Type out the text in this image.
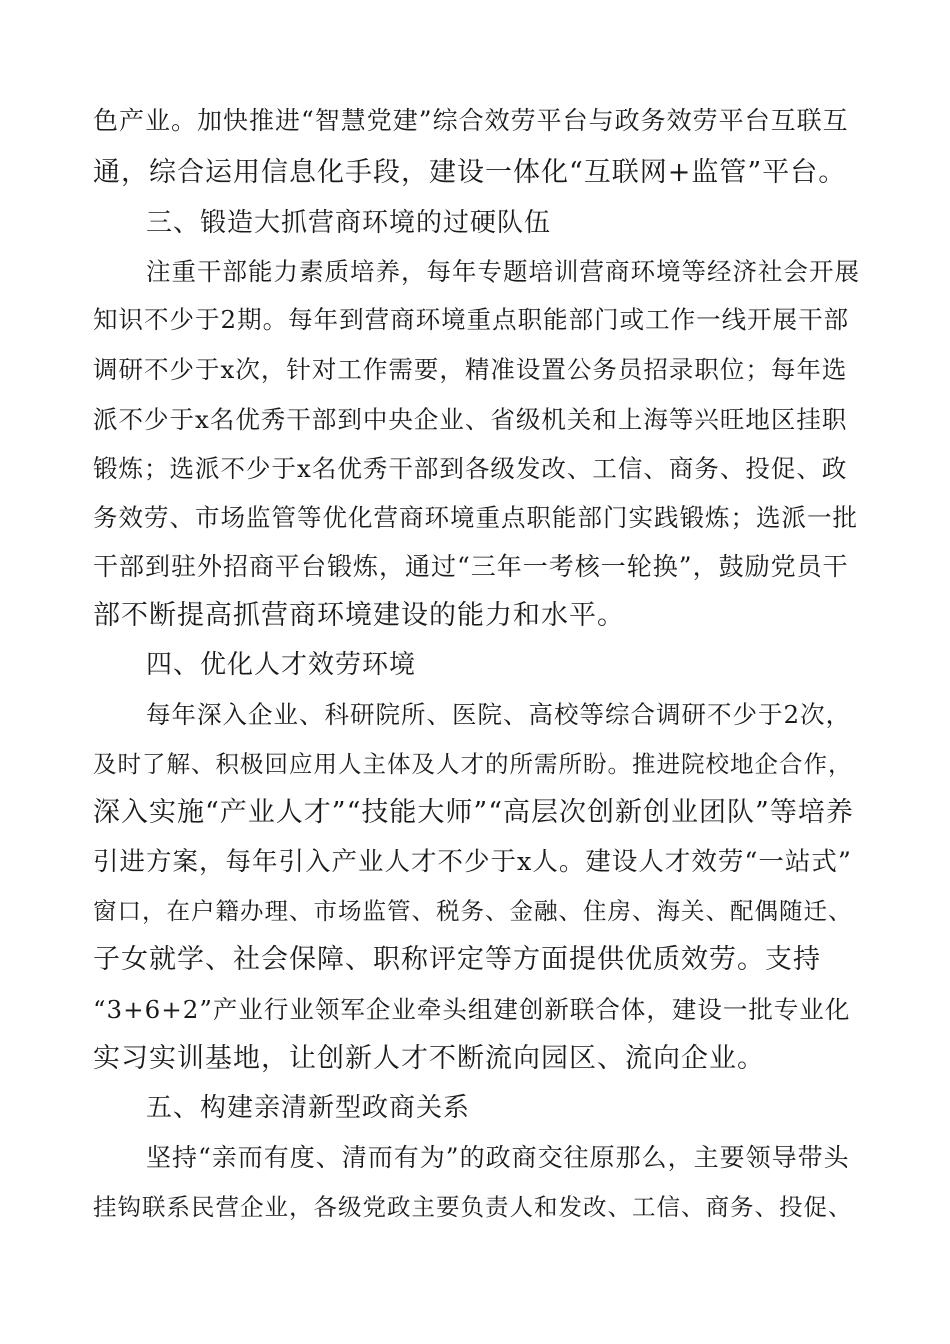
色产业。加快推进“智慧党建”综合效劳平台与政务效劳平台互联互
通，综合运用信息化手段，建设一体化“互联网+监管”平台。
三、锻造大抓营商环境的过硬队伍
注重干部能力素质培养，每年专题培训营商环境等经济社会开展
知识不少于2期。每年到营商环境重点职能部门或工作一线开展干部
调研不少于x次，针对工作需要，精准设置公务员招录职位；每年选
派不少于x名优秀干部到中央企业、省级机关和上海等兴旺地区挂职
锻炼；选派不少于x名优秀干部到各级发改、工信、商务、投促、政
务效劳、市场监管等优化营商环境重点职能部门实践锻炼；选派一批
干部到驻外招商平台锻炼，通过“三年一考核一轮换”，鼓励党员干
部不断提高抓营商环境建设的能力和水平。
四、优化人才效劳环境
每年深入企业、科研院所、医院、高校等综合调研不少于2次，
及时了解、积极回应用人主体及人才的所需所盼。推进院校地企合作，
深入实施“产业人才”“技能大师”“高层次创新创业团队”等培养
引进方案，每年引入产业人才不少于x人。建设人才效劳“一站式”
窗口，在户籍办理、市场监管、税务、金融、住房、海关、配偶随迁、
子女就学、社会保障、职称评定等方面提供优质效劳。支持
“3+6+2”产业行业领军企业牵头组建创新联合体，建设一批专业化
实习实训基地，让创新人才不断流向园区、流向企业。
五、构建亲清新型政商关系
坚持“亲而有度、清而有为”的政商交往原那么，主要领导带头
挂钩联系民营企业，各级党政主要负责人和发改、工信、商务、投促、
